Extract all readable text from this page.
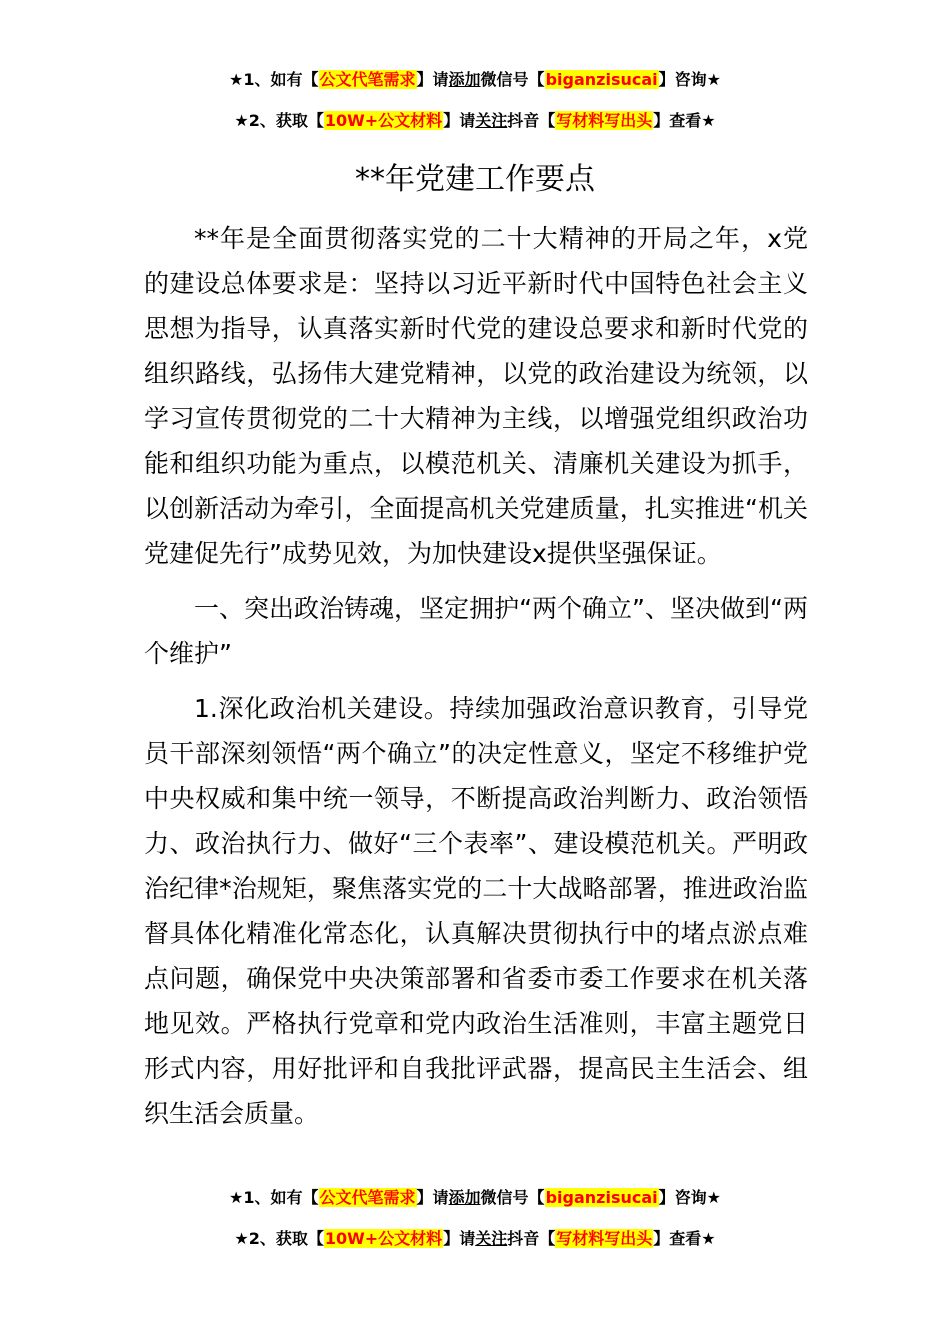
★1、如有【公文代笔需求】请添加微信号【biganzisucai】咨询★
★2、获取【10W+公文材料】请关注抖音【写材料写出头】查看★
**年党建工作要点

**年是全面贯彻落实党的二十大精神的开局之年，x党的建设总体要求是：坚持以习近平新时代中国特色社会主义思想为指导，认真落实新时代党的建设总要求和新时代党的组织路线，弘扬伟大建党精神，以党的政治建设为统领，以学习宣传贯彻党的二十大精神为主线，以增强党组织政治功能和组织功能为重点，以模范机关、清廉机关建设为抓手，以创新活动为牵引，全面提高机关党建质量，扎实推进“机关党建促先行”成势见效，为加快建设x提供坚强保证。

一、突出政治铸魂，坚定拥护“两个确立”、坚决做到“两个维护”

1.深化政治机关建设。持续加强政治意识教育，引导党员干部深刻领悟“两个确立”的决定性意义，坚定不移维护党中央权威和集中统一领导，不断提高政治判断力、政治领悟力、政治执行力、做好“三个表率”、建设模范机关。严明政治纪律*治规矩，聚焦落实党的二十大战略部署，推进政治监督具体化精准化常态化，认真解决贯彻执行中的堵点淤点难点问题，确保党中央决策部署和省委市委工作要求在机关落地见效。严格执行党章和党内政治生活准则，丰富主题党日形式内容，用好批评和自我批评武器，提高民主生活会、组织生活会质量。

★1、如有【公文代笔需求】请添加微信号【biganzisucai】咨询★
★2、获取【10W+公文材料】请关注抖音【写材料写出头】查看★
